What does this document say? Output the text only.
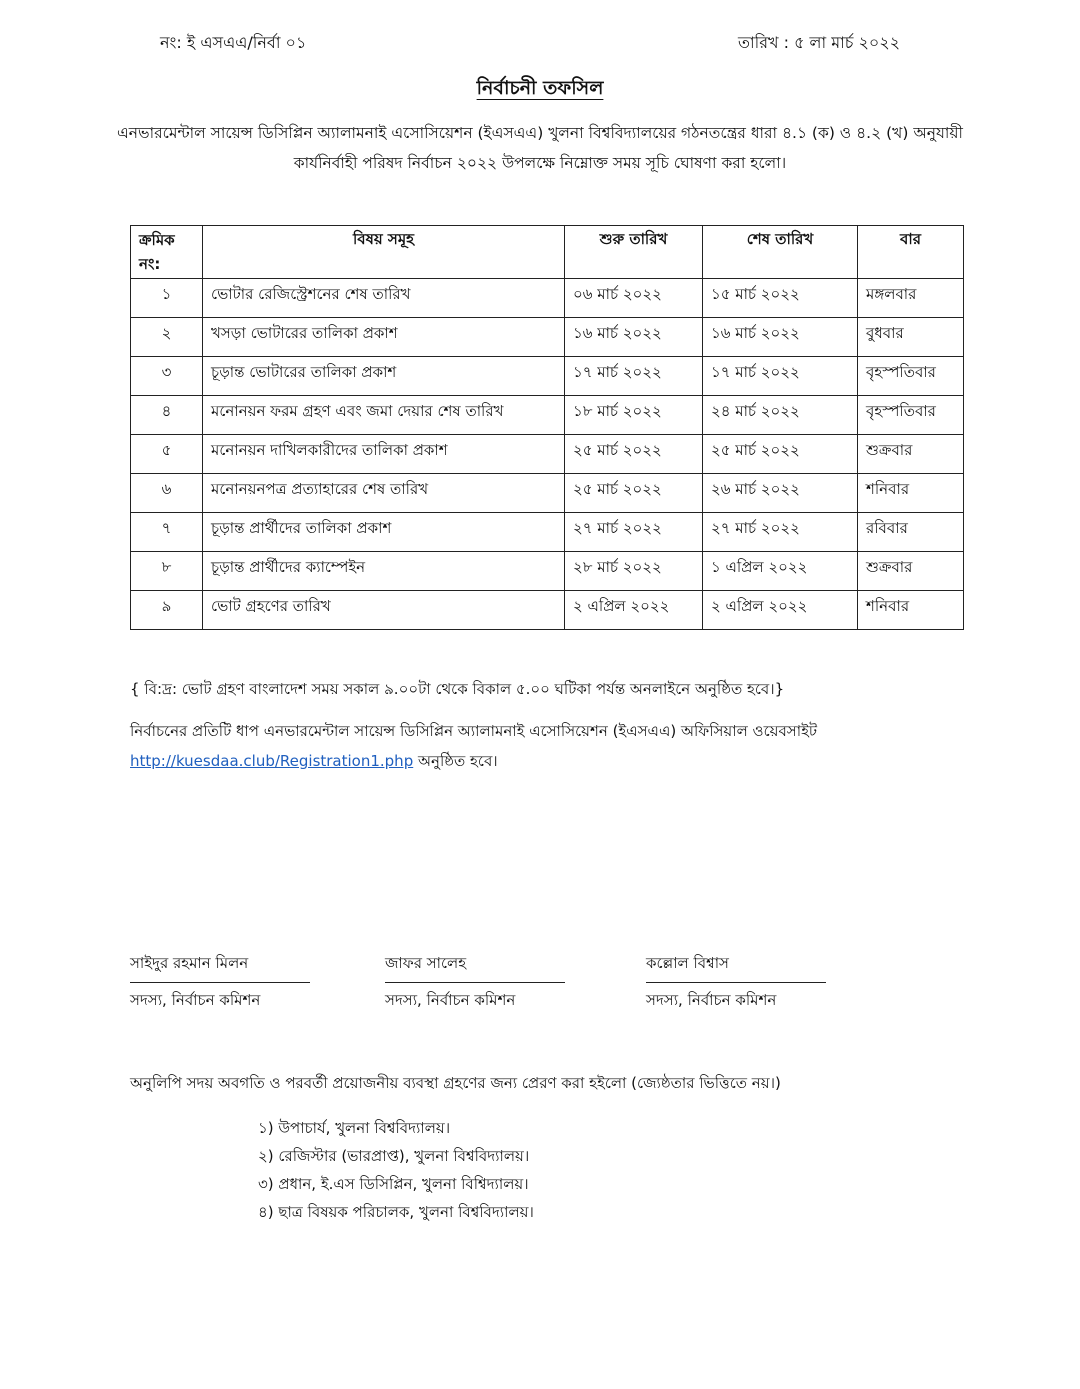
নং: ই এসএএ/নির্বা ০১	তারিখ : ৫ লা মার্চ ২০২২
নির্বাচনী তফসিল
এনভারমেন্টাল সায়েন্স ডিসিপ্লিন অ্যালামনাই এসোসিয়েশন (ইএসএএ) খুলনা বিশ্ববিদ্যালয়ের গঠনতন্ত্রের ধারা ৪.১ (ক) ও ৪.২ (খ) অনুযায়ী কার্যনির্বাহী পরিষদ নির্বাচন ২০২২ উপলক্ষে নিম্নোক্ত সময় সূচি ঘোষণা করা হলো।
ক্রমিক নং:	বিষয় সমূহ	শুরু তারিখ	শেষ তারিখ	বার
১	ভোটার রেজিস্ট্রেশনের শেষ তারিখ	০৬ মার্চ ২০২২	১৫ মার্চ ২০২২	মঙ্গলবার
২	খসড়া ভোটারের তালিকা প্রকাশ	১৬ মার্চ ২০২২	১৬ মার্চ ২০২২	বুধবার
৩	চূড়ান্ত ভোটারের তালিকা প্রকাশ	১৭ মার্চ ২০২২	১৭ মার্চ ২০২২	বৃহস্পতিবার
৪	মনোনয়ন ফরম গ্রহণ এবং জমা দেয়ার শেষ তারিখ	১৮ মার্চ ২০২২	২৪ মার্চ ২০২২	বৃহস্পতিবার
৫	মনোনয়ন দাখিলকারীদের তালিকা প্রকাশ	২৫ মার্চ ২০২২	২৫ মার্চ ২০২২	শুক্রবার
৬	মনোনয়নপত্র প্রত্যাহারের শেষ তারিখ	২৫ মার্চ ২০২২	২৬ মার্চ ২০২২	শনিবার
৭	চূড়ান্ত প্রার্থীদের তালিকা প্রকাশ	২৭ মার্চ ২০২২	২৭ মার্চ ২০২২	রবিবার
৮	চূড়ান্ত প্রার্থীদের ক্যাম্পেইন	২৮ মার্চ ২০২২	১ এপ্রিল ২০২২	শুক্রবার
৯	ভোট গ্রহণের তারিখ	২ এপ্রিল ২০২২	২ এপ্রিল ২০২২	শনিবার
{ বি:দ্র: ভোট গ্রহণ বাংলাদেশ সময় সকাল ৯.০০টা থেকে বিকাল ৫.০০ ঘটিকা পর্যন্ত অনলাইনে অনুষ্ঠিত হবে।}
নির্বাচনের প্রতিটি ধাপ এনভারমেন্টাল সায়েন্স ডিসিপ্লিন অ্যালামনাই এসোসিয়েশন (ইএসএএ) অফিসিয়াল ওয়েবসাইট
http://kuesdaa.club/Registration1.php অনুষ্ঠিত হবে।
সাইদুর রহমান মিলন
সদস্য, নির্বাচন কমিশন
জাফর সালেহ
সদস্য, নির্বাচন কমিশন
কল্লোল বিশ্বাস
সদস্য, নির্বাচন কমিশন
অনুলিপি সদয় অবগতি ও পরবর্তী প্রয়োজনীয় ব্যবস্থা গ্রহণের জন্য প্রেরণ করা হইলো (জ্যেষ্ঠতার ভিত্তিতে নয়।)
১) উপাচার্য, খুলনা বিশ্ববিদ্যালয়।
২) রেজিস্টার (ভারপ্রাপ্ত), খুলনা বিশ্ববিদ্যালয়।
৩) প্রধান, ই.এস ডিসিপ্লিন, খুলনা বিশ্বিদ্যালয়।
৪) ছাত্র বিষয়ক পরিচালক, খুলনা বিশ্ববিদ্যালয়।
